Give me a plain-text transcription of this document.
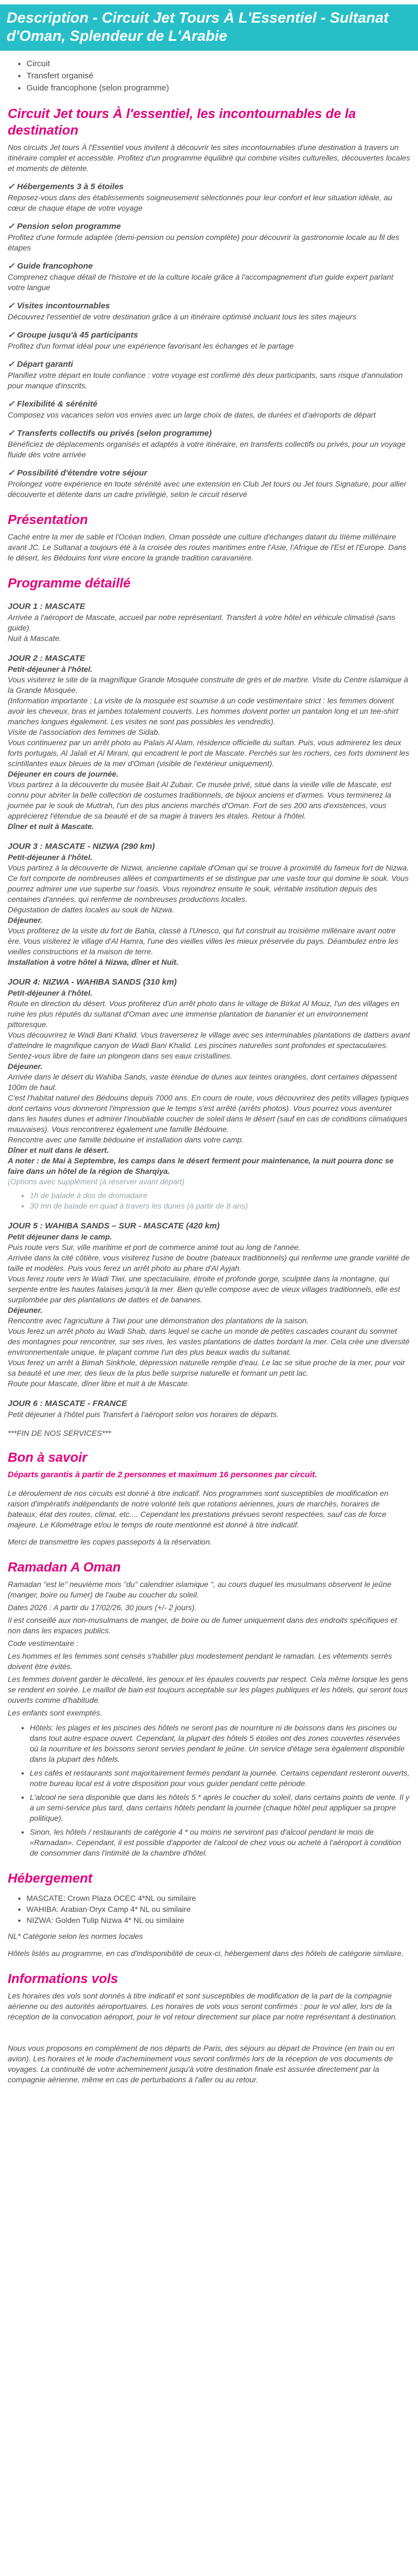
Description - Circuit Jet Tours À L'Essentiel - Sultanat d'Oman, Splendeur de L'Arabie
• Circuit
• Transfert organisé
• Guide francophone (selon programme)
Circuit Jet tours À l'essentiel, les incontournables de la destination

Nos circuits Jet tours À l'Essentiel vous invitent à découvrir les sites incontournables d'une destination à travers un itinéraire complet et accessible. Profitez d'un programme équilibré qui combine visites culturelles, découvertes locales et moments de détente.

✓ Hébergements 3 à 5 étoiles
Reposez-vous dans des établissements soigneusement sélectionnés pour leur confort et leur situation idéale, au cœur de chaque étape de votre voyage
✓ Pension selon programme
Profitez d'une formule adaptée (demi-pension ou pension complète) pour découvrir la gastronomie locale au fil des étapes
✓ Guide francophone
Comprenez chaque détail de l'histoire et de la culture locale grâce à l'accompagnement d'un guide expert parlant votre langue
✓ Visites incontournables
Découvrez l'essentiel de votre destination grâce à un itinéraire optimisé incluant tous les sites majeurs
✓ Groupe jusqu'à 45 participants
Profitez d'un format idéal pour une expérience favorisant les échanges et le partage
✓ Départ garanti
Planifiez votre départ en toute confiance : votre voyage est confirmé dès deux participants, sans risque d'annulation pour manque d'inscrits.
✓ Flexibilité & sérénité
Composez vos vacances selon vos envies avec un large choix de dates, de durées et d'aéroports de départ
✓ Transferts collectifs ou privés (selon programme)
Bénéficiez de déplacements organisés et adaptés à votre itinéraire, en transferts collectifs ou privés, pour un voyage fluide dès votre arrivée
✓ Possibilité d'étendre votre séjour
Prolongez votre expérience en toute sérénité avec une extension en Club Jet tours ou Jet tours Signature, pour allier découverte et détente dans un cadre privilégié, selon le circuit réservé
Présentation

Caché entre la mer de sable et l'Océan Indien, Oman possède une culture d'échanges datant du IIIème millénaire avant JC. Le Sultanat a toujours été à la croisée des routes maritimes entre l'Asie, l'Afrique de l'Est et l'Europe. Dans le désert, les Bédouins font vivre encore la grande tradition caravanière.

Programme détaillé
JOUR 1 : MASCATE
Arrivée à l'aéroport de Mascate, accueil par notre représentant. Transfert à votre hôtel en véhicule climatisé (sans guide).
Nuit à Mascate.
JOUR 2 : MASCATE
Petit-déjeuner à l'hôtel.
Vous visiterez le site de la magnifique Grande Mosquée construite de grès et de marbre. Visite du Centre islamique à la Grande Mosquée.
(Information importante : La visite de la mosquée est soumise à un code vestimentaire strict : les femmes doivent avoir les cheveux, bras et jambes totalement couverts. Les hommes doivent porter un pantalon long et un tee-shirt manches longues également. Les visites ne sont pas possibles les vendredis).
Visite de l'association des femmes de Sidab.
Vous continuerez par un arrêt photo au Palais Al Alam, résidence officielle du sultan. Puis, vous admirerez les deux forts portugais, Al Jalali et Al Mirani, qui encadrent le port de Mascate. Perchés sur les rochers, ces forts dominent les scintillantes eaux bleues de la mer d'Oman (visible de l'extérieur uniquement).
Déjeuner en cours de journée.
Vous partirez à la découverte du musée Bait Al Zubair. Ce musée privé, situé dans la vieille ville de Mascate, est connu pour abriter la belle collection de costumes traditionnels, de bijoux anciens et d'armes. Vous terminerez la journée par le souk de Muttrah, l'un des plus anciens marchés d'Oman. Fort de ses 200 ans d'existences, vous apprécierez l'étendue de sa beauté et de sa magie à travers les étales. Retour à l'hôtel.
Dîner et nuit à Mascate.
JOUR 3 : MASCATE - NIZWA (290 km)
Petit-déjeuner à l'hôtel.
Vous partirez à la découverte de Nizwa, ancienne capitale d'Oman qui se trouve à proximité du fameux fort de Nizwa. Ce fort comporte de nombreuses allées et compartiments et se distingue par une vaste tour qui domine le souk. Vous pourrez admirer une vue superbe sur l'oasis. Vous rejoindrez ensuite le souk, véritable institution depuis des centaines d'années, qui renferme de nombreuses productions locales.
Dégustation de dattes locales au souk de Nizwa.
Déjeuner.
Vous profiterez de la visite du fort de Bahla, classé à l'Unesco, qui fut construit au troisième millénaire avant notre ère. Vous visiterez le village d'Al Hamra, l'une des vieilles villes les mieux préservée du pays. Déambulez entre les vieilles constructions et la maison de terre.
Installation à votre hôtel à Nizwa, dîner et Nuit.
JOUR 4: NIZWA - WAHIBA SANDS (310 km)
Petit-déjeuner à l'hôtel.
Route en direction du désert. Vous profiterez d'un arrêt photo dans le village de Birkat Al Mouz, l'un des villages en ruine les plus réputés du sultanat d'Oman avec une immense plantation de bananier et un environnement pittoresque.
Vous découvrirez le Wadi Bani Khalid. Vous traverserez le village avec ses interminables plantations de dattiers avant d'atteindre le magnifique canyon de Wadi Bani Khalid. Les piscines naturelles sont profondes et spectaculaires. Sentez-vous libre de faire un plongeon dans ses eaux cristallines.
Déjeuner.
Arrivée dans le désert du Wahiba Sands, vaste étendue de dunes aux teintes orangées, dont certaines dépassent 100m de haut.
C'est l'habitat naturel des Bédouins depuis 7000 ans. En cours de route, vous découvrirez des petits villages typiques dont certains vous donneront l'impression que le temps s'est arrêté (arrêts photos). Vous pourrez vous aventurer dans les hautes dunes et admirer l'inoubliable coucher de soleil dans le désert (sauf en cas de conditions climatiques mauvaises). Vous rencontrerez également une famille Bédouine.
Rencontre avec une famille bédouine et installation dans votre camp.
Dîner et nuit dans le désert.
A noter : de Mai à Septembre, les camps dans le désert ferment pour maintenance, la nuit pourra donc se faire dans un hôtel de la région de Sharqiya.
(Options avec supplément (à réserver avant départ)
• 1h de balade à dos de dromadaire
• 30 mn de balade en quad à travers les dunes (à partir de 8 ans)
JOUR 5 : WAHIBA SANDS – SUR - MASCATE (420 km)
Petit déjeuner dans le camp.
Puis route vers Sur, ville maritime et port de commerce animé tout au long de l'année.
Arrivée dans la cité côtière, vous visiterez l'usine de boutre (bateaux traditionnels) qui renferme une grande variété de taille et modèles. Puis vous ferez un arrêt photo au phare d'Al Ayjah.
Vous ferez route vers le Wadi Tiwi, une spectaculaire, étroite et profonde gorge, sculptée dans la montagne, qui serpente entre les hautes falaises jusqu'à la mer. Bien qu'elle compose avec de vieux villages traditionnels, elle est surplombée par des plantations de dattes et de bananes.
Déjeuner.
Rencontre avec l'agriculture à Tiwi pour une démonstration des plantations de la saison.
Vous ferez un arrêt photo au Wadi Shab, dans lequel se cache un monde de petites cascades courant du sommet des montagnes pour rencontrer, sur ses rives, les vastes plantations de dattes bordant la mer. Cela crée une diversité environnementale unique, le plaçant comme l'un des plus beaux wadis du sultanat.
Vous ferez un arrêt à Bimah Sinkhole, dépression naturelle remplie d'eau. Le lac se situe proche de la mer, pour voir sa beauté et une mer, des lieux de la plus belle surprise naturelle et formant un petit lac.
Route pour Mascate, dîner libre et nuit à de Mascate.
JOUR 6 : MASCATE - FRANCE
Petit déjeuner à l'hôtel puis Transfert à l'aéroport selon vos horaires de départs.
***FIN DE NOS SERVICES***
Bon à savoir
Départs garantis à partir de 2 personnes et maximum 16 personnes par circuit.

Le déroulement de nos circuits est donné à titre indicatif. Nos programmes sont susceptibles de modification en raison d'impératifs indépendants de notre volonté tels que rotations aériennes, jours de marchés, horaires de bateaux, état des routes, climat, etc.... Cependant les prestations prévues seront respectées, sauf cas de force majeure. Le Kilométrage et/ou le temps de route mentionné est donné à titre indicatif.

Merci de transmettre les copies passeports à la réservation.

Ramadan A Oman

Ramadan "est le" neuvième mois "du" calendrier islamique ", au cours duquel les musulmans observent le jeûne (manger, boire ou fumer) de l'aube au coucher du soleil.

Dates 2026 : A partir du 17/02/26, 30 jours (+/- 2 jours).

Il est conseillé aux non-musulmans de manger, de boire ou de fumer uniquement dans des endroits spécifiques et non dans les espaces publics.

Code vestimentaire :

Les hommes et les femmes sont censés s'habiller plus modestement pendant le ramadan. Les vêtements serrés doivent être évités.

Les femmes doivent garder le décolleté, les genoux et les épaules couverts par respect. Cela même lorsque les gens se rendent en soirée. Le maillot de bain est toujours acceptable sur les plages publiques et les hôtels, qui seront tous ouverts comme d'habitude.

Les enfants sont exemptés.

• Hôtels: les plages et les piscines des hôtels ne seront pas de nourriture ni de boissons dans les piscines ou dans tout autre espace ouvert. Cependant, la plupart des hôtels 5 étoiles ont des zones couvertes réservées où la nourriture et les boissons seront servies pendant le jeûne. Un service d'étage sera également disponible dans la plupart des hôtels.
• Les cafés et restaurants sont majoritairement fermés pendant la journée. Certains cependant resteront ouverts, notre bureau local est à votre disposition pour vous guider pendant cette période.
• L'alcool ne sera disponible que dans les hôtels 5 * après le coucher du soleil, dans certains points de vente. Il y a un semi-service plus tard, dans certains hôtels pendant la journée (chaque hôtel peut appliquer sa propre politique).
• Sinon, les hôtels / restaurants de catégorie 4 * ou moins ne serviront pas d'alcool pendant le mois de «Ramadan». Cependant, il est possible d'apporter de l'alcool de chez vous ou acheté à l'aéroport à condition de consommer dans l'intimité de la chambre d'hôtel.
Hébergement
• MASCATE: Crown Plaza OCEC 4*NL ou similaire
• WAHIBA: Arabian Oryx Camp 4* NL ou similaire
• NIZWA: Golden Tulip Nizwa 4* NL ou similaire

NL* Catégorie selon les normes locales

Hôtels listés au programme, en cas d'indisponibilité de ceux-ci, hébergement dans des hôtels de catégorie similaire.

Informations vols

Les horaires des vols sont donnés à titre indicatif et sont susceptibles de modification de la part de la compagnie aérienne ou des autorités aéroportuaires. Les horaires de vols vous seront confirmés : pour le vol aller, lors de la réception de la convocation aéroport, pour le vol retour directement sur place par notre représentant à destination.

Nous vous proposons en complément de nos départs de Paris, des séjours au départ de Province (en train ou en avion). Les horaires et le mode d'acheminement vous seront confirmés lors de la réception de vos documents de voyages. La continuité de votre acheminement jusqu'à votre destination finale est assurée directement par la compagnie aérienne, même en cas de perturbations à l'aller ou au retour.
